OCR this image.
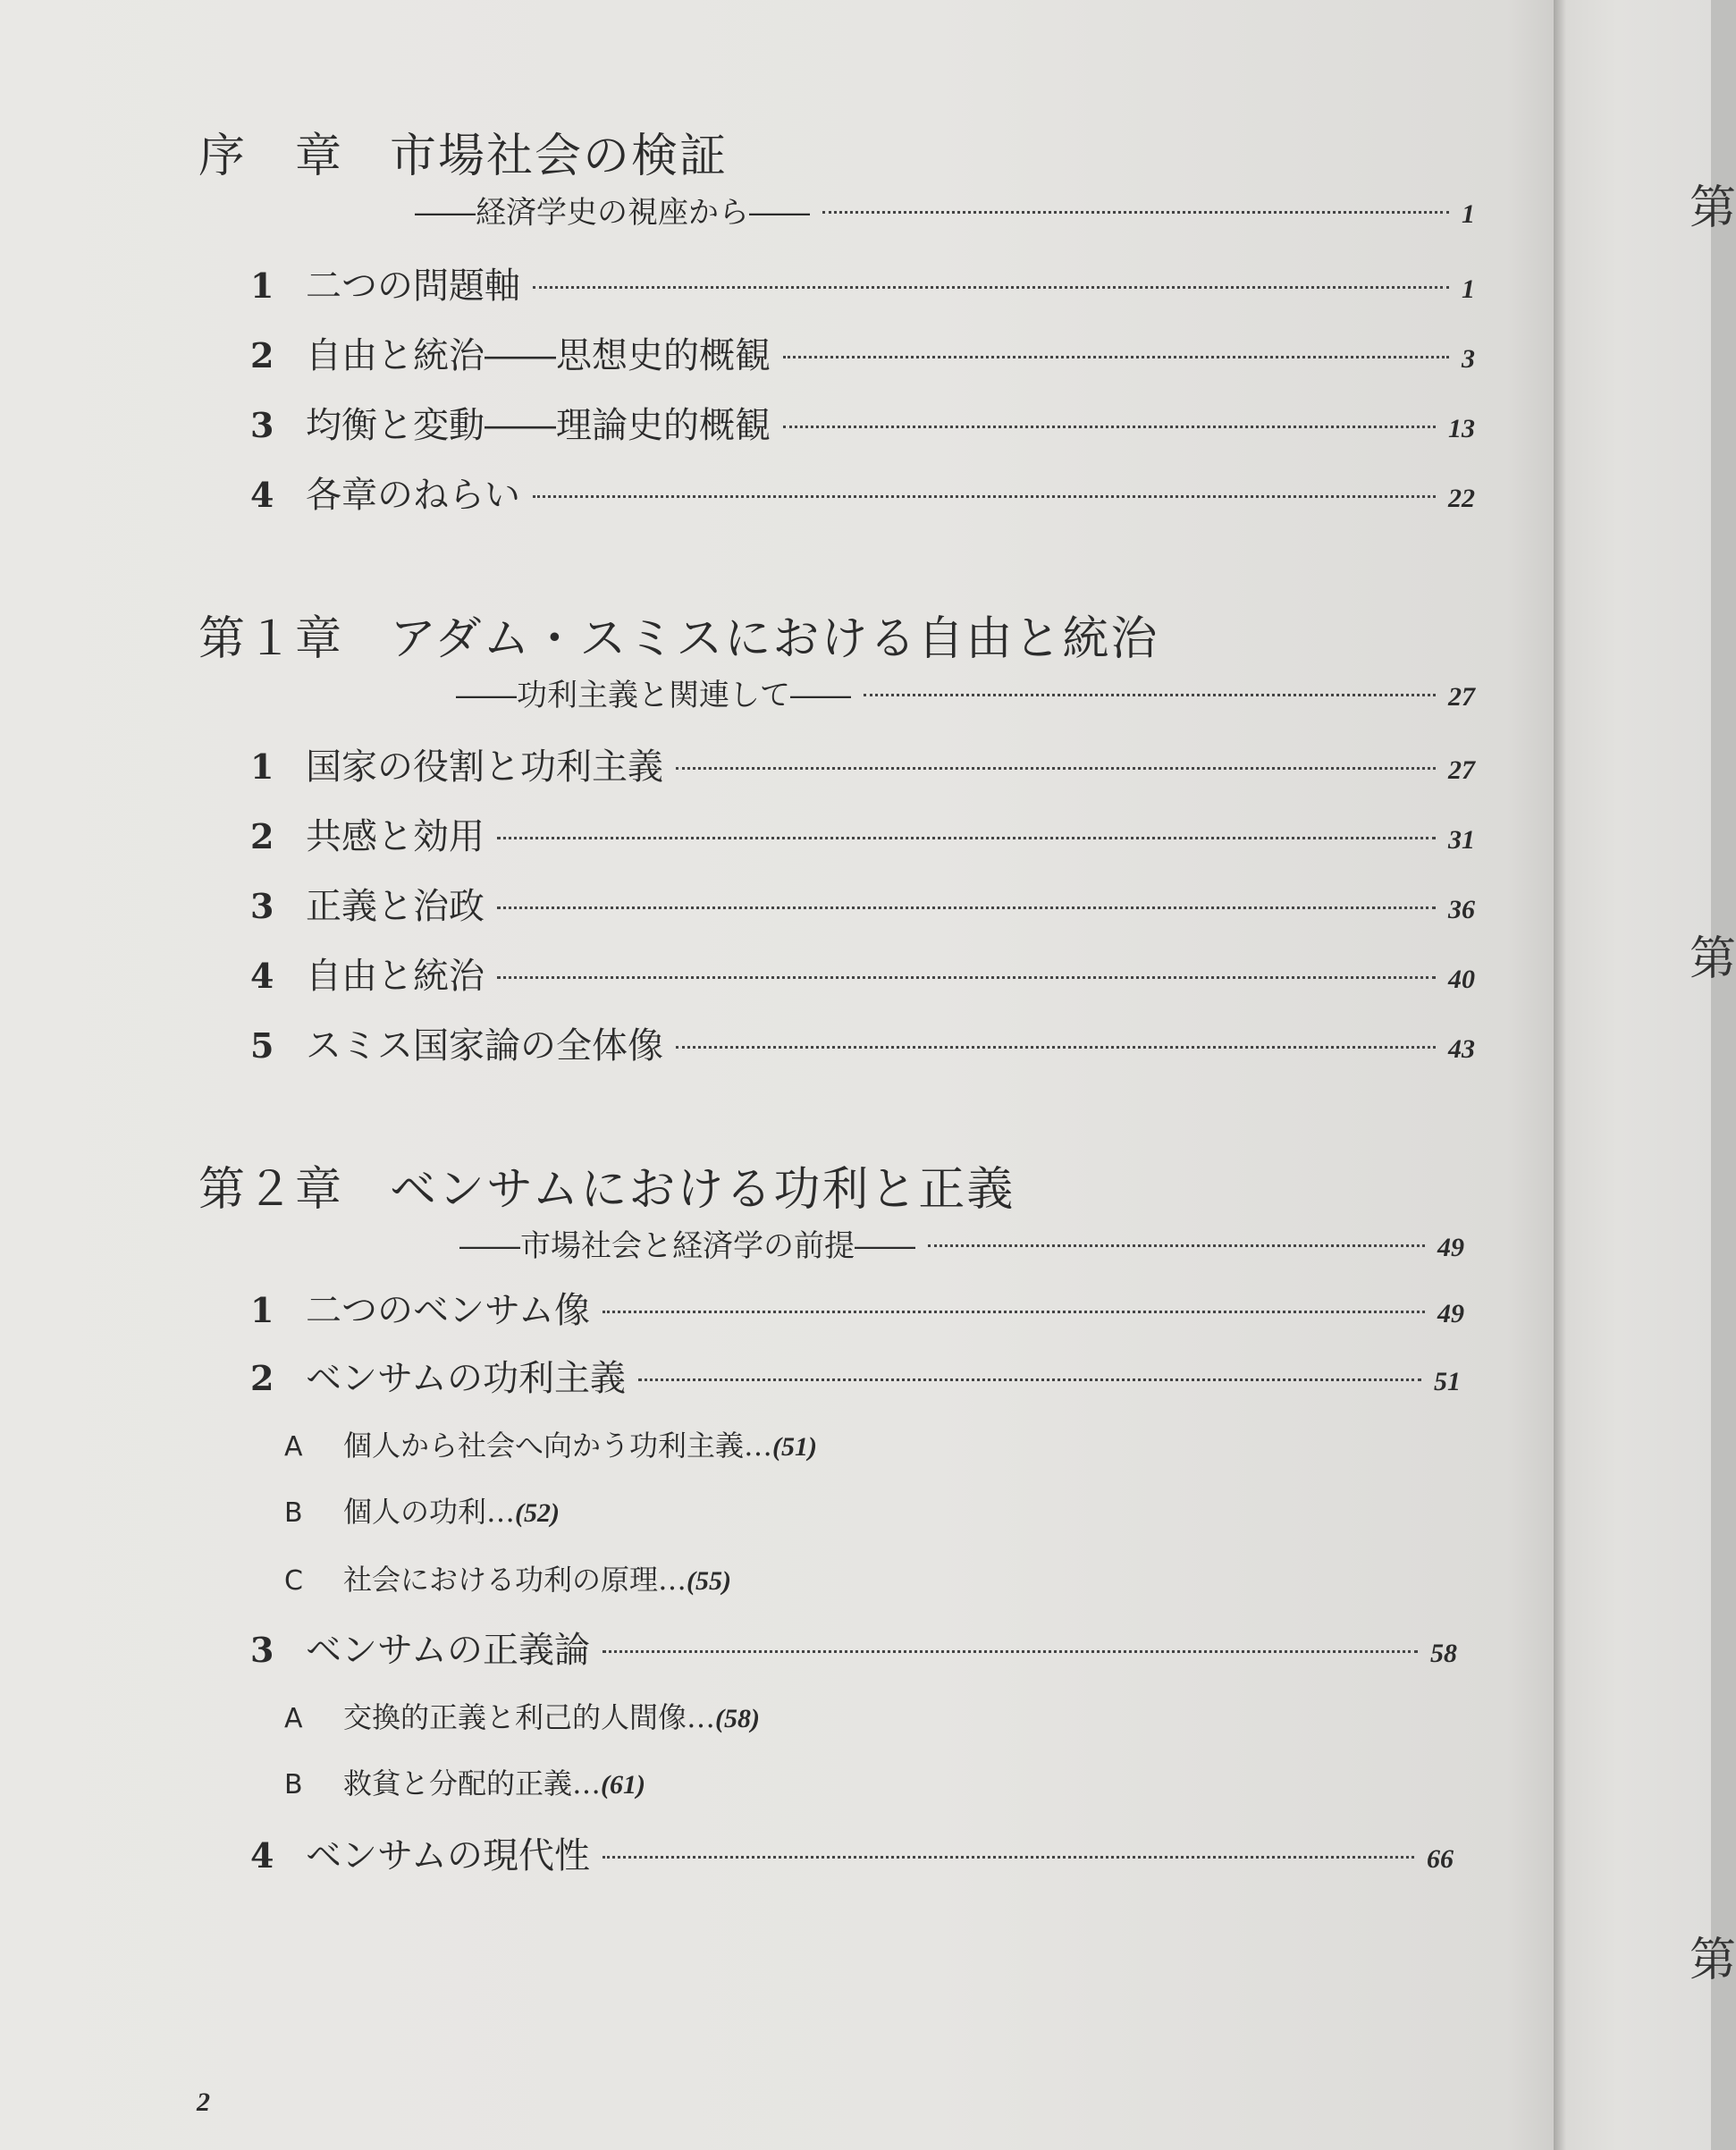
序　章 市場社会の検証
――経済学史の視座から――	1
1 二つの問題軸	1
2 自由と統治――思想史的概観	3
3 均衡と変動――理論史的概観	13
4 各章のねらい	22
第１章 アダム・スミスにおける自由と統治
――功利主義と関連して――	27
1 国家の役割と功利主義	27
2 共感と効用	31
3 正義と治政	36
4 自由と統治	40
5 スミス国家論の全体像	43
第２章 ベンサムにおける功利と正義
――市場社会と経済学の前提――	49
1 二つのベンサム像	49
2 ベンサムの功利主義	51
A 個人から社会へ向かう功利主義…(51)
B 個人の功利…(52)
C 社会における功利の原理…(55)
3 ベンサムの正義論	58
A 交換的正義と利己的人間像…(58)
B 救貧と分配的正義…(61)
4 ベンサムの現代性	66
2
第
第
第
